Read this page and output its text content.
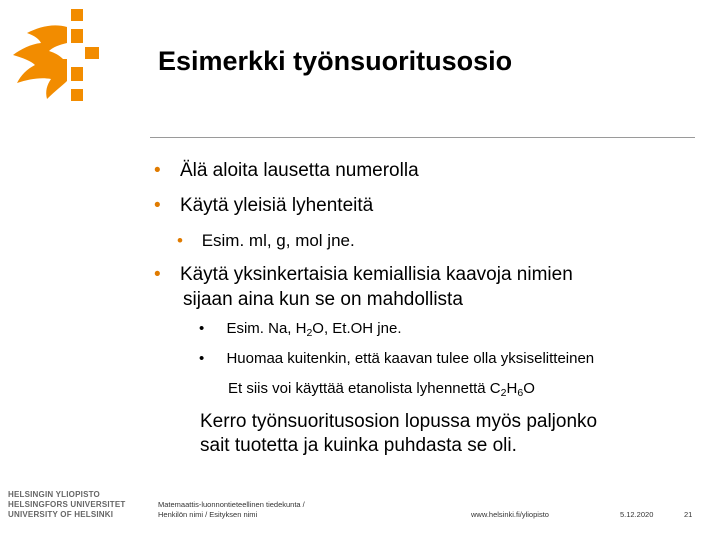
Esimerkki työnsuoritusosio
• Älä aloita lausetta numerolla
• Käytä yleisiä lyhenteitä
• Esim. ml, g, mol jne.
• Käytä yksinkertaisia kemiallisia kaavoja nimien
sijaan aina kun se on mahdollista
• Esim. Na, $H_2O$, Et.OH jne.
• Huomaa kuitenkin, että kaavan tulee olla yksiselitteinen
Et siis voi käyttää etanolista lyhennettä $C_2H_6O$
Kerro työnsuoritusosion lopussa myös paljonko
sait tuotetta ja kuinka puhdasta se oli.
HELSINGIN YLIOPISTO
HELSINGFORS UNIVERSITET
UNIVERSITY OF HELSINKI
Matemaattis-luonnontieteellinen tiedekunta /
Henkilön nimi / Esityksen nimi	www.helsinki.fi/yliopisto	5.12.2020	21
